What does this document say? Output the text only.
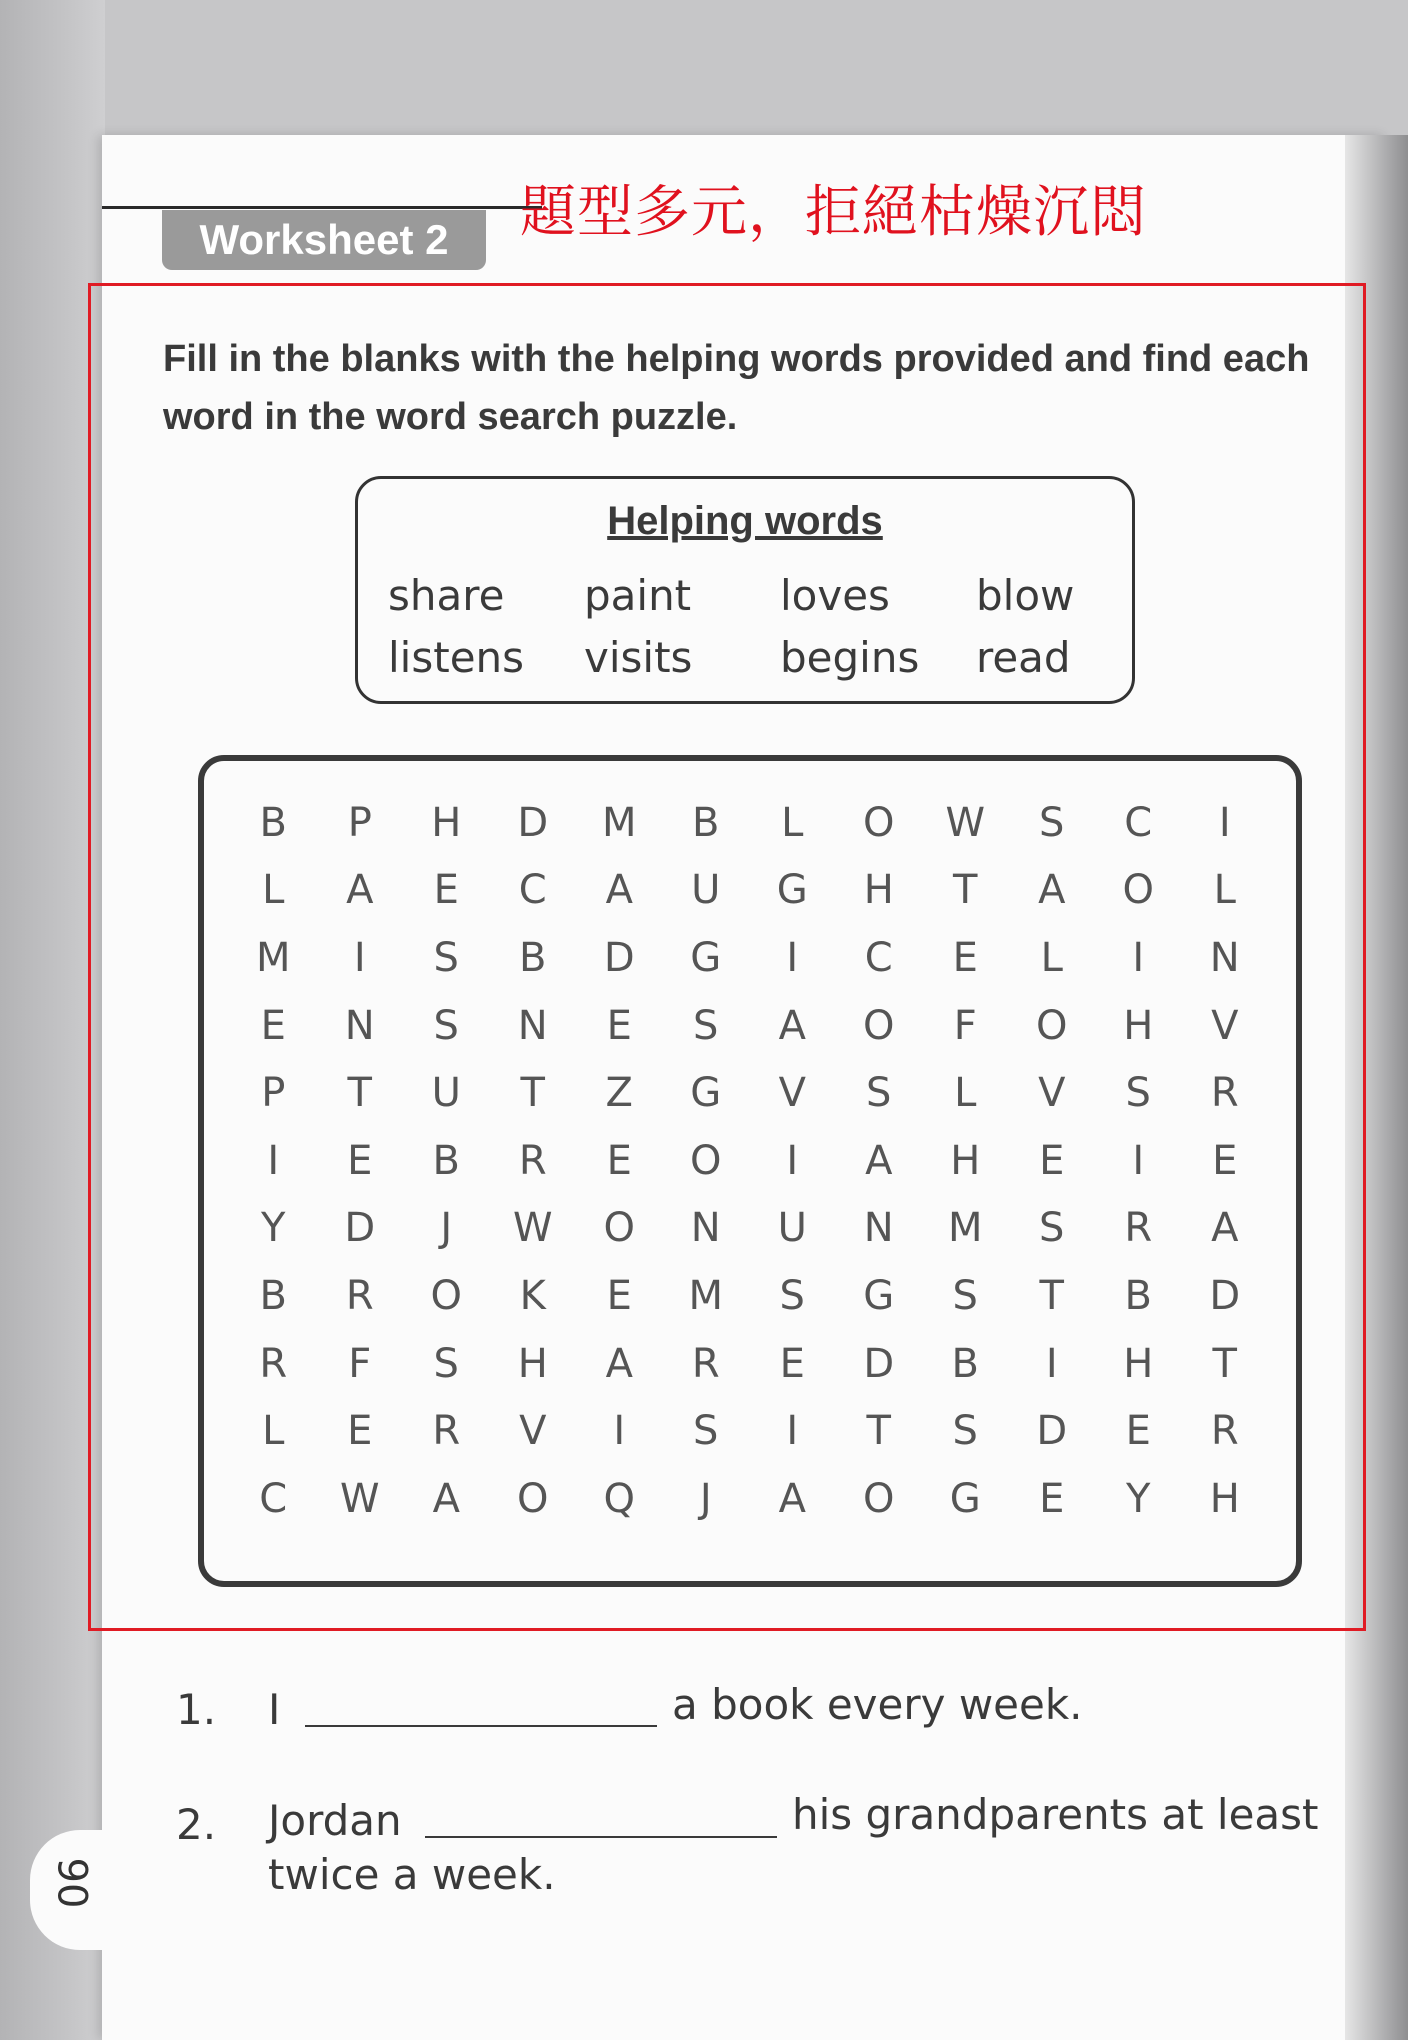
Worksheet 2	題型多元，拒絕枯燥沉悶

Fill in the blanks with the helping words provided and find each word in the word search puzzle.

Helping words

share	paint	loves	blow
listens	visits	begins	read
B	P	H	D	M	B	L	O	W	S	C	I
L	A	E	C	A	U	G	H	T	A	O	L
M	I	S	B	D	G	I	C	E	L	I	N
E	N	S	N	E	S	A	O	F	O	H	V
P	T	U	T	Z	G	V	S	L	V	S	R
I	E	B	R	E	O	I	A	H	E	I	E
Y	D	J	W	O	N	U	N	M	S	R	A
B	R	O	K	E	M	S	G	S	T	B	D
R	F	S	H	A	R	E	D	B	I	H	T
L	E	R	V	I	S	I	T	S	D	E	R
C	W	A	O	Q	J	A	O	G	E	Y	H
1. I	a book every week.
2. Jordan	his grandparents at least
twice a week.
90
